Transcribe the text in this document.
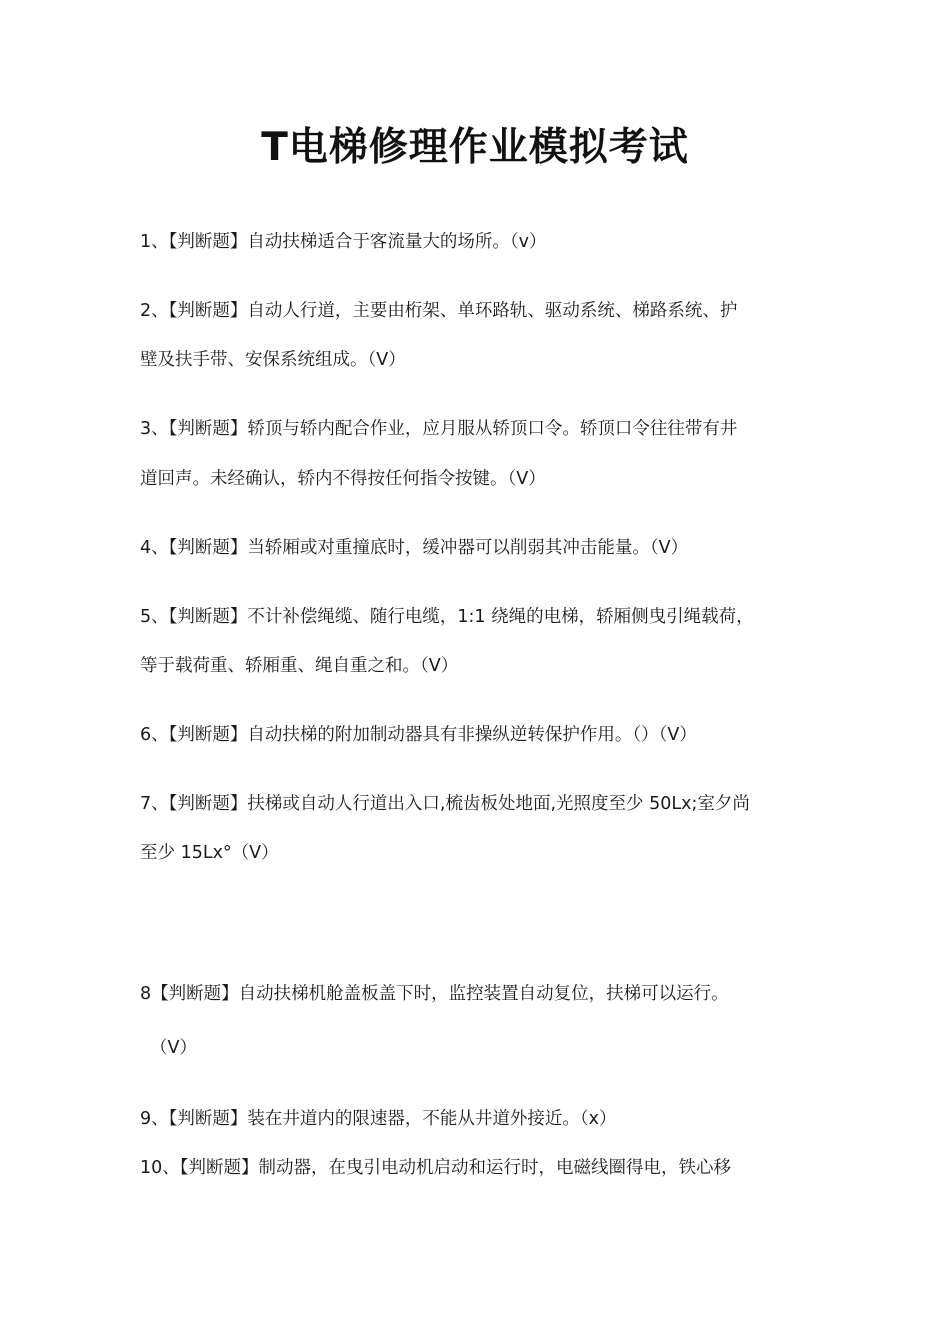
T电梯修理作业模拟考试
1、【判断题】自动扶梯适合于客流量大的场所。（v）
2、【判断题】自动人行道，主要由桁架、单环路轨、驱动系统、梯路系统、护
壁及扶手带、安保系统组成。（V）
3、【判断题】轿顶与轿内配合作业，应月服从轿顶口令。轿顶口令往往带有井
道回声。未经确认，轿内不得按任何指令按键。（V）
4、【判断题】当轿厢或对重撞底时，缓冲器可以削弱其冲击能量。（V）
5、【判断题】不计补偿绳缆、随行电缆，1:1 绕绳的电梯，轿厢侧曳引绳载荷，
等于载荷重、轿厢重、绳自重之和。（V）
6、【判断题】自动扶梯的附加制动器具有非操纵逆转保护作用。（）（V）
7、【判断题】扶梯或自动人行道出入口,梳齿板处地面,光照度至少 50Lx;室夕尚
至少 15Lx°（V）
8【判断题】自动扶梯机舱盖板盖下时，监控装置自动复位，扶梯可以运行。
（V）
9、【判断题】装在井道内的限速器，不能从井道外接近。（x）
10、【判断题】制动器，在曳引电动机启动和运行时，电磁线圈得电，铁心移
